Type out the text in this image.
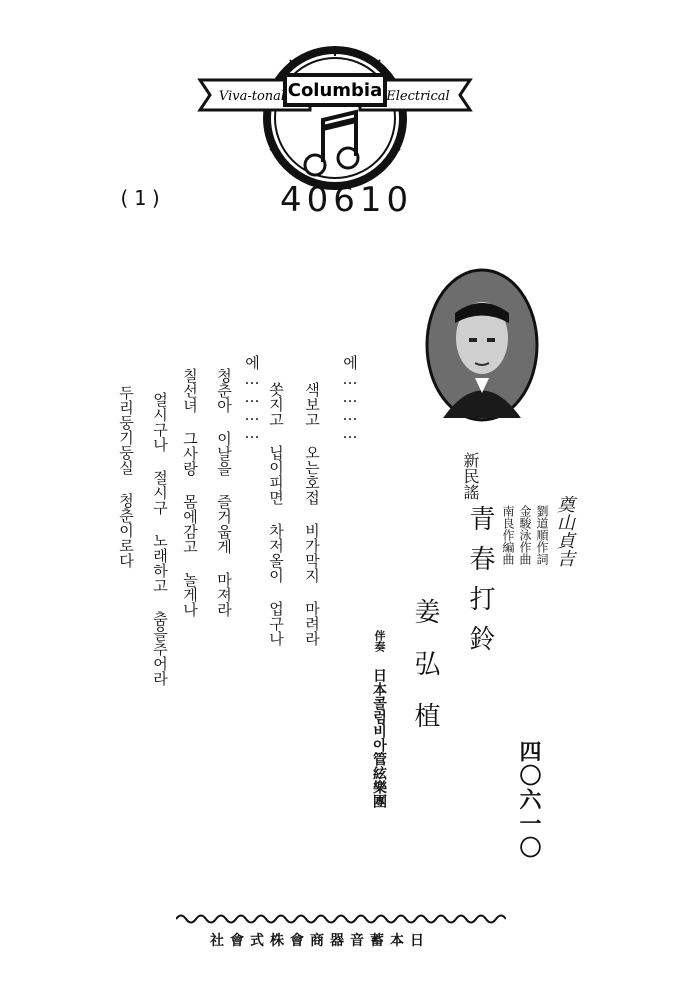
Columbia
Viva-tonal	Electrical
(1)	40610
에…………
색보고오는호접비가막지마려라
쏫지고닙이피면차저올이업구나
에…………
청춘아이날을즐거웁게마져라
칠선녀그사랑몸에감고놀게나
얼시구나절시구노래하고춤을추어라
두리둥기둥실청춘이로다
新民謠
青春打鈴	劉道順作詞
金駿泳作曲
南良作編曲 奠山貞吉
姜弘植
伴奏 日本콜럼비아管絃樂團	四〇六一〇
日本蓄音器商會株式會社
